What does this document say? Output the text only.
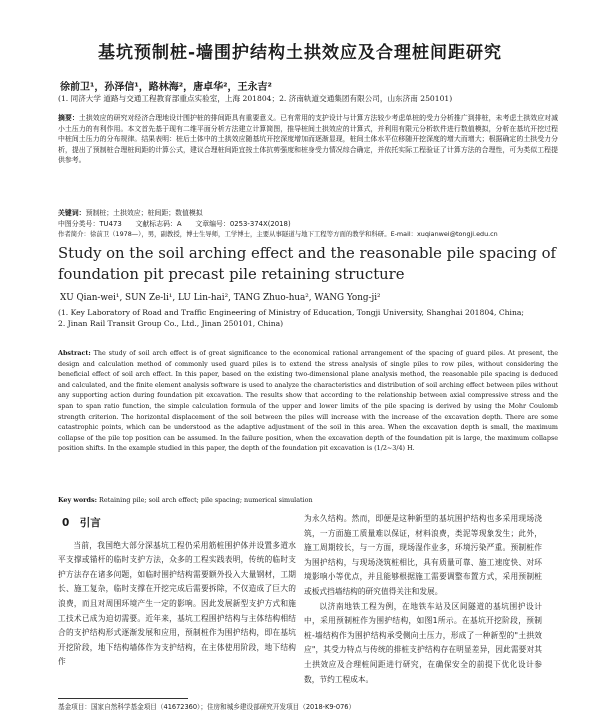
基坑预制桩-墙围护结构土拱效应及合理桩间距研究
徐前卫¹，孙泽信¹，路林海²，唐卓华²，王永吉²
(1. 同济大学 道路与交通工程教育部重点实验室，上海 201804；2. 济南轨道交通集团有限公司，山东济南 250101)
摘要：土拱效应的研究对经济合理地设计围护桩的排间距具有重要意义。已有常用的支护设计与计算方法较少考虑单桩的受力分析推广到排桩，未考虑土拱效应对减小土压力的有利作用。本文首先基于现有二维平面分析方法建立计算简图，推导桩间土拱效应的计算式，并利用有限元分析软件进行数值模拟，分析在基坑开挖过程中桩间土压力的分布规律。结果表明：桩后土体中的土拱效应随基坑开挖深度增加而逐渐显现，桩间土体水平位移随开挖深度的增大而增大；根据确定的土拱受力分析，提出了预制桩合理桩间距的计算公式，建议合理桩间距宜按土体抗剪强度和桩身受力情况综合确定，并依托实际工程验证了计算方法的合理性，可为类似工程提供参考。
关键词：预制桩；土拱效应；桩间距；数值模拟
中图分类号：TU473　　文献标志码：A　　文章编号：0253-374X(2018)
作者简介：徐前卫（1978—），男，副教授，博士生导师，工学博士，主要从事隧道与地下工程等方面的教学和科研。E-mail：xuqianwei@tongji.edu.cn
Study on the soil arching effect and the reasonable pile spacing of foundation pit precast pile retaining structure
XU Qian-wei¹, SUN Ze-li¹, LU Lin-hai², TANG Zhuo-hua², WANG Yong-ji²
(1. Key Laboratory of Road and Traffic Engineering of Ministry of Education, Tongji University, Shanghai 201804, China;
2. Jinan Rail Transit Group Co., Ltd., Jinan 250101, China)
Abstract: The study of soil arch effect is of great significance to the economical rational arrangement of the spacing of guard piles. At present, the design and calculation method of commonly used guard piles is to extend the stress analysis of single piles to row piles, without considering the beneficial effect of soil arch effect. In this paper, based on the existing two-dimensional plane analysis method, the reasonable pile spacing is deduced and calculated, and the finite element analysis software is used to analyze the characteristics and distribution of soil arching effect between piles without any supporting action during foundation pit excavation. The results show that according to the relationship between axial compressive stress and the span to span ratio function, the simple calculation formula of the upper and lower limits of the pile spacing is derived by using the Mohr Coulomb strength criterion. The horizontal displacement of the soil between the piles will increase with the increase of the excavation depth. There are some catastrophic points, which can be understood as the adaptive adjustment of the soil in this area. When the excavation depth is small, the maximum collapse of the pile top position can be assumed. In the failure position, when the excavation depth of the foundation pit is large, the maximum collapse position shifts. In the example studied in this paper, the depth of the foundation pit excavation is (1/2~3/4) H.
Key words: Retaining pile; soil arch effect; pile spacing; numerical simulation
0　引言

当前，我国绝大部分深基坑工程仍采用筋桩围护体并设置多道水平支撑或锚杆的临时支护方法，众多的工程实践表明，传统的临时支护方法存在诸多问题，如临时围护结构需要额外投入大量钢材，工期长、施工复杂，临时支撑在开挖完成后需要拆除，不仅造成了巨大的浪费，而且对周围环境产生一定的影响。因此发展新型支护方式和施工技术已成为迫切需要。近年来，基坑工程围护结构与主体结构相结合的支护结构形式逐渐发展和应用，预制桩作为围护结构，即在基坑开挖阶段，地下结构墙体作为支护结构，在主体使用阶段，地下结构作

为永久结构。然而，即便是这种新型的基坑围护结构也多采用现场浇筑，一方面施工质量难以保证，材料浪费，类泥等现象发生；此外，施工周期较长，与一方面，现场湿作业多，环境污染严重。预制桩作为围护结构，与现场浇筑桩相比，具有质量可靠、施工速度快、对环境影响小等优点，并且能够根据施工需要调整布置方式，采用预制桩或板式挡墙结构的研究值得关注和发展。

以济南地铁工程为例，在地铁车站及区间隧道的基坑围护设计中，采用预制桩作为围护结构，如图1所示。在基坑开挖阶段，预制桩-墙结构作为围护结构承受侧向土压力，形成了一种新型的"土拱效应"，其受力特点与传统的排桩支护结构存在明显差异，因此需要对其土拱效应及合理桩间距进行研究，在确保安全的前提下优化设计参数，节约工程成本。

基金项目：国家自然科学基金项目（41672360）；住房和城乡建设部研究开发项目（2018-K9-076）
